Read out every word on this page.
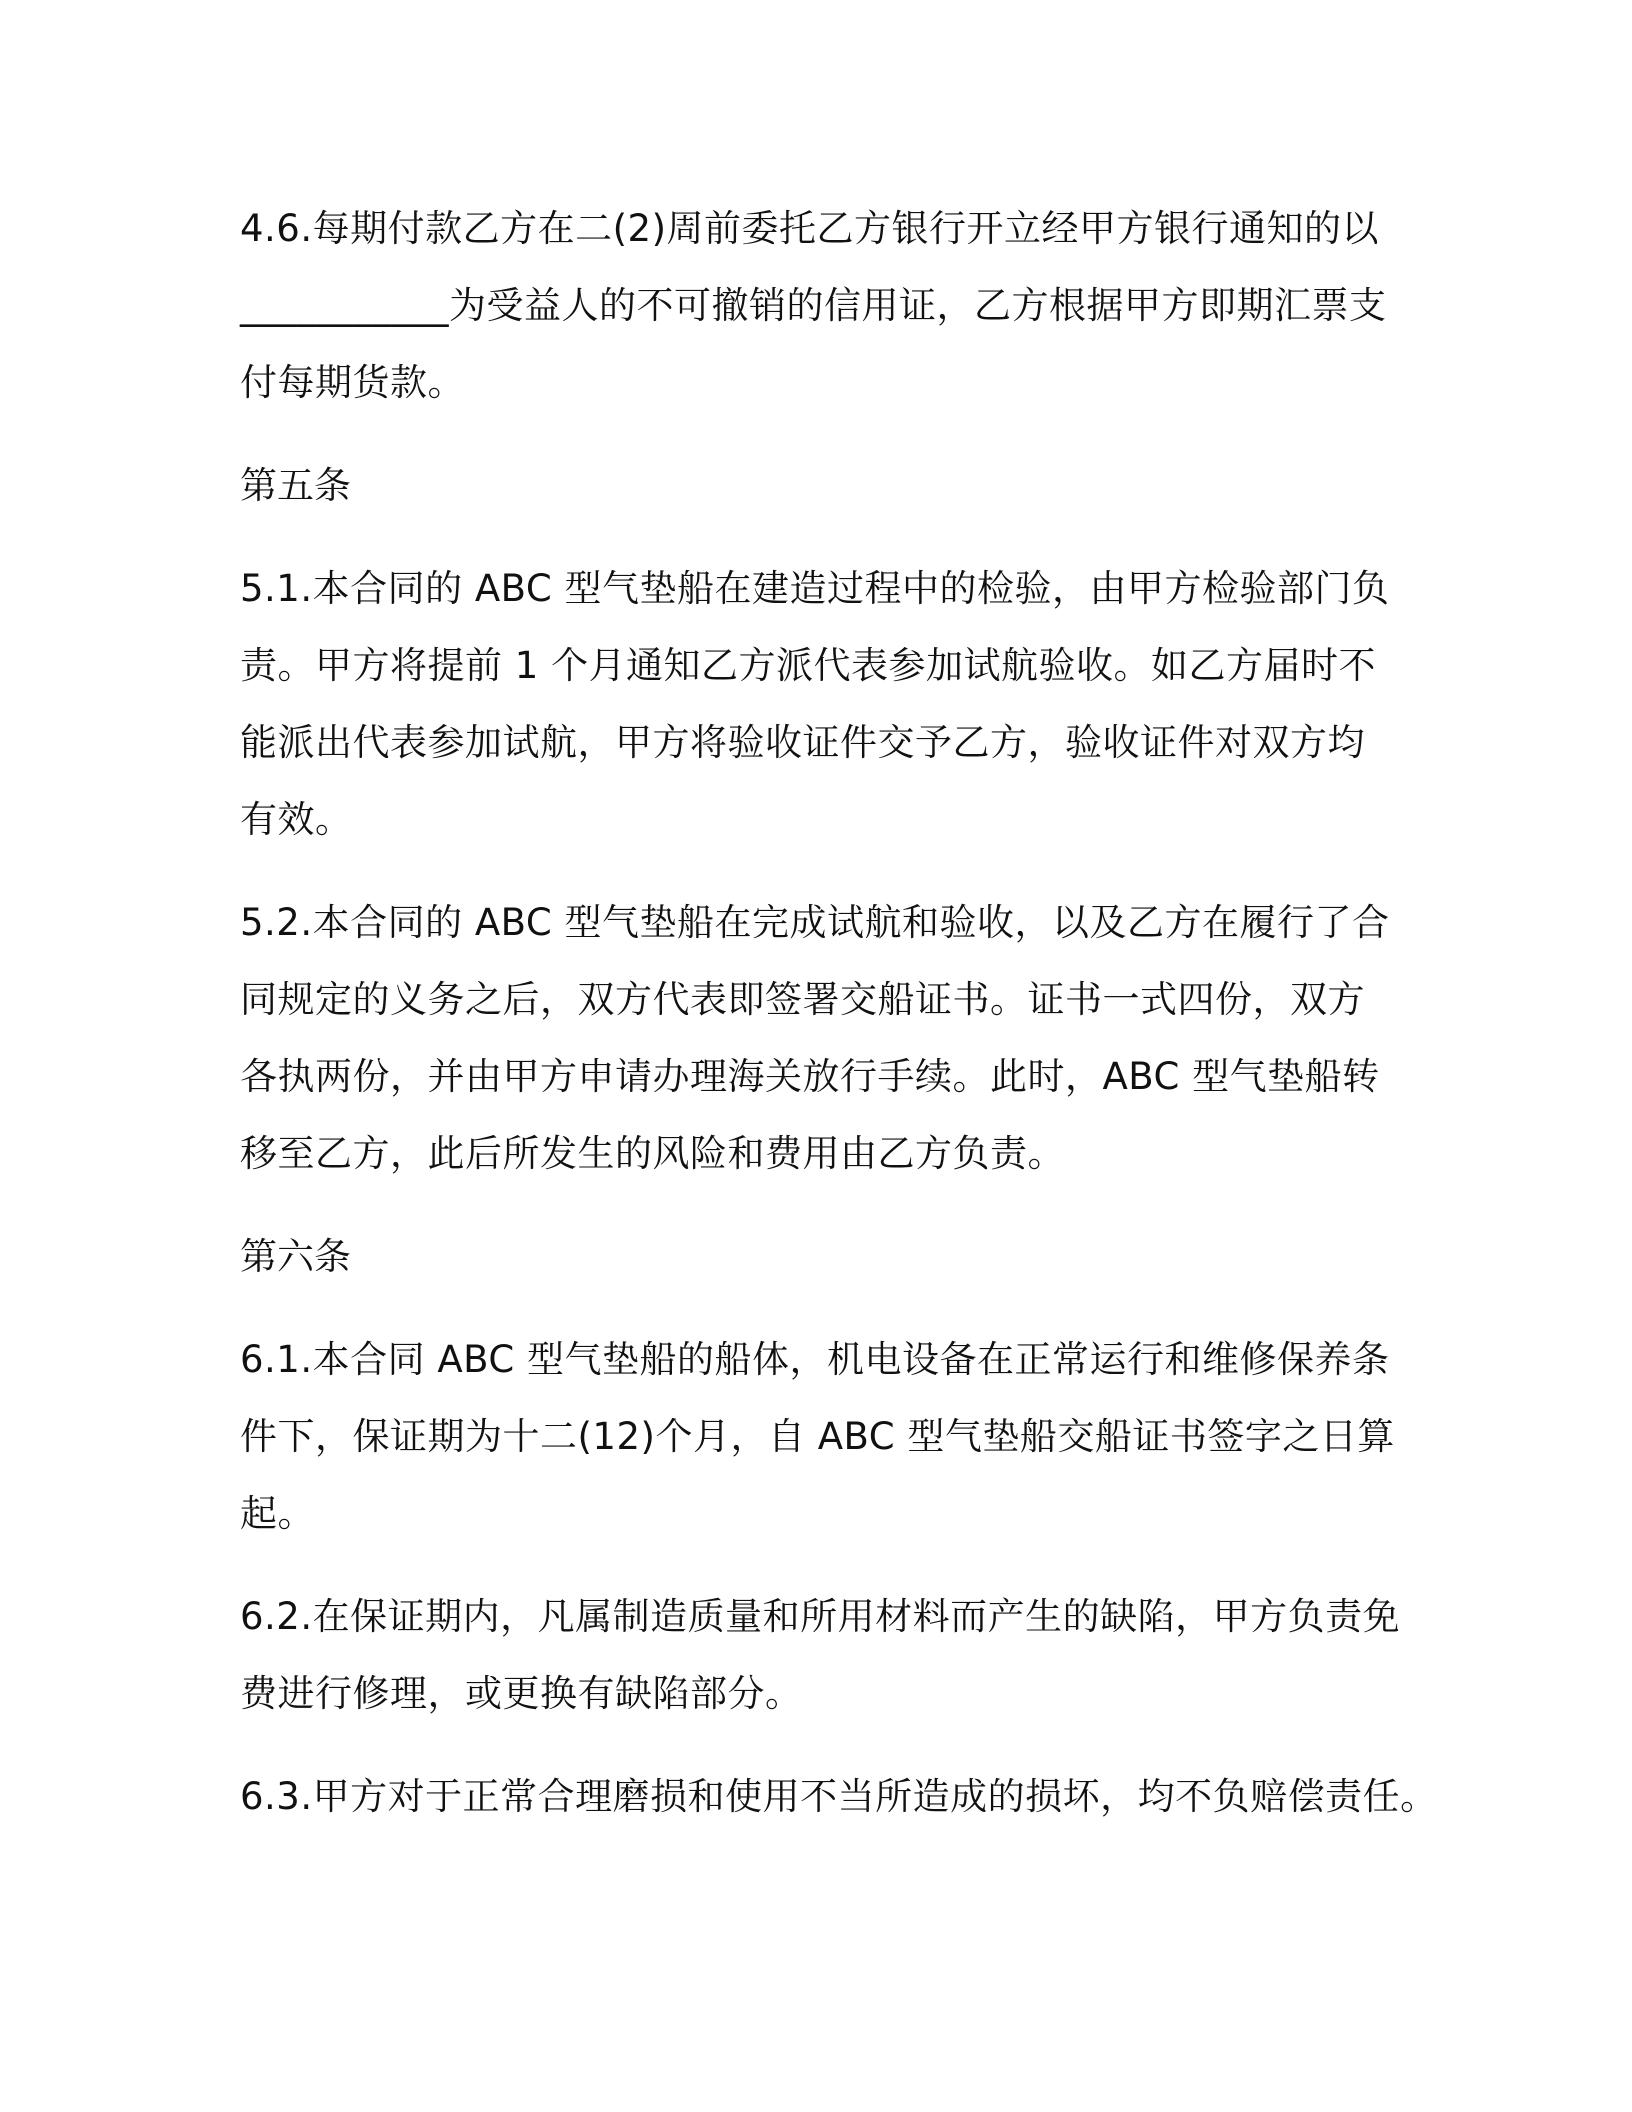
4.6.每期付款乙方在二(2)周前委托乙方银行开立经甲方银行通知的以
___________为受益人的不可撤销的信用证，乙方根据甲方即期汇票支
付每期货款。

第五条

5.1.本合同的 ABC 型气垫船在建造过程中的检验，由甲方检验部门负
责。甲方将提前 1 个月通知乙方派代表参加试航验收。如乙方届时不
能派出代表参加试航，甲方将验收证件交予乙方，验收证件对双方均
有效。

5.2.本合同的 ABC 型气垫船在完成试航和验收，以及乙方在履行了合
同规定的义务之后，双方代表即签署交船证书。证书一式四份，双方
各执两份，并由甲方申请办理海关放行手续。此时，ABC 型气垫船转
移至乙方，此后所发生的风险和费用由乙方负责。

第六条

6.1.本合同 ABC 型气垫船的船体，机电设备在正常运行和维修保养条
件下，保证期为十二(12)个月，自 ABC 型气垫船交船证书签字之日算
起。

6.2.在保证期内，凡属制造质量和所用材料而产生的缺陷，甲方负责免
费进行修理，或更换有缺陷部分。

6.3.甲方对于正常合理磨损和使用不当所造成的损坏，均不负赔偿责任。
